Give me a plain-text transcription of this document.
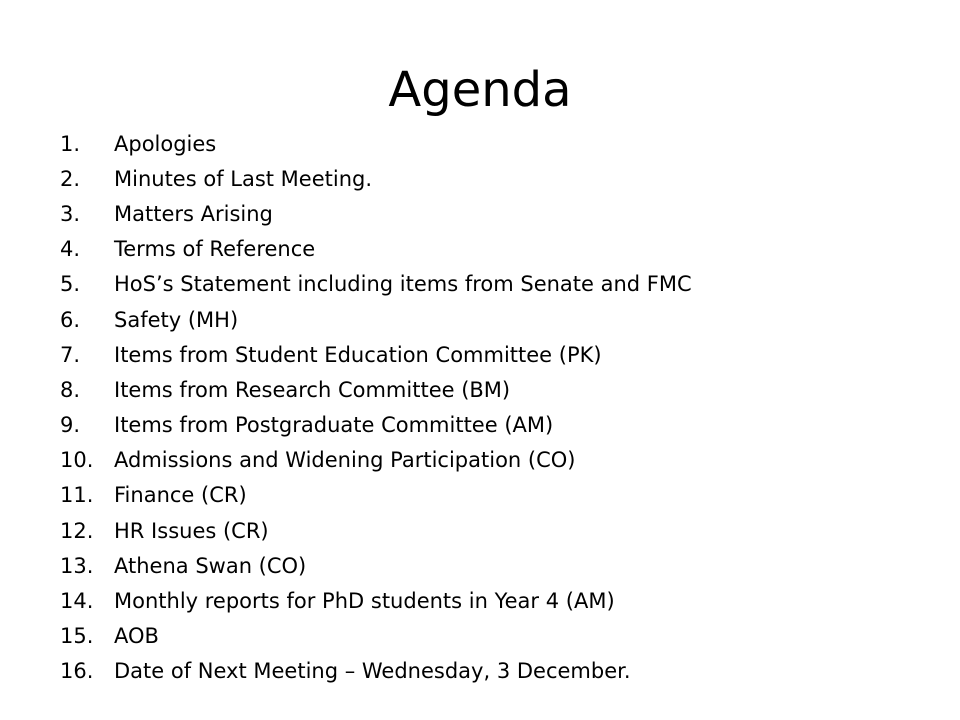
Agenda
1.	Apologies
2.	Minutes of Last Meeting.
3.	Matters Arising
4.	Terms of Reference
5.	HoS’s Statement including items from Senate and FMC
6.	Safety (MH)
7.	Items from Student Education Committee (PK)
8.	Items from Research Committee (BM)
9.	Items from Postgraduate Committee (AM)
10. Admissions and Widening Participation (CO)
11. Finance (CR)
12. HR Issues (CR)
13. Athena Swan (CO)
14. Monthly reports for PhD students in Year 4 (AM)
15. AOB
16. Date of Next Meeting – Wednesday, 3 December.
